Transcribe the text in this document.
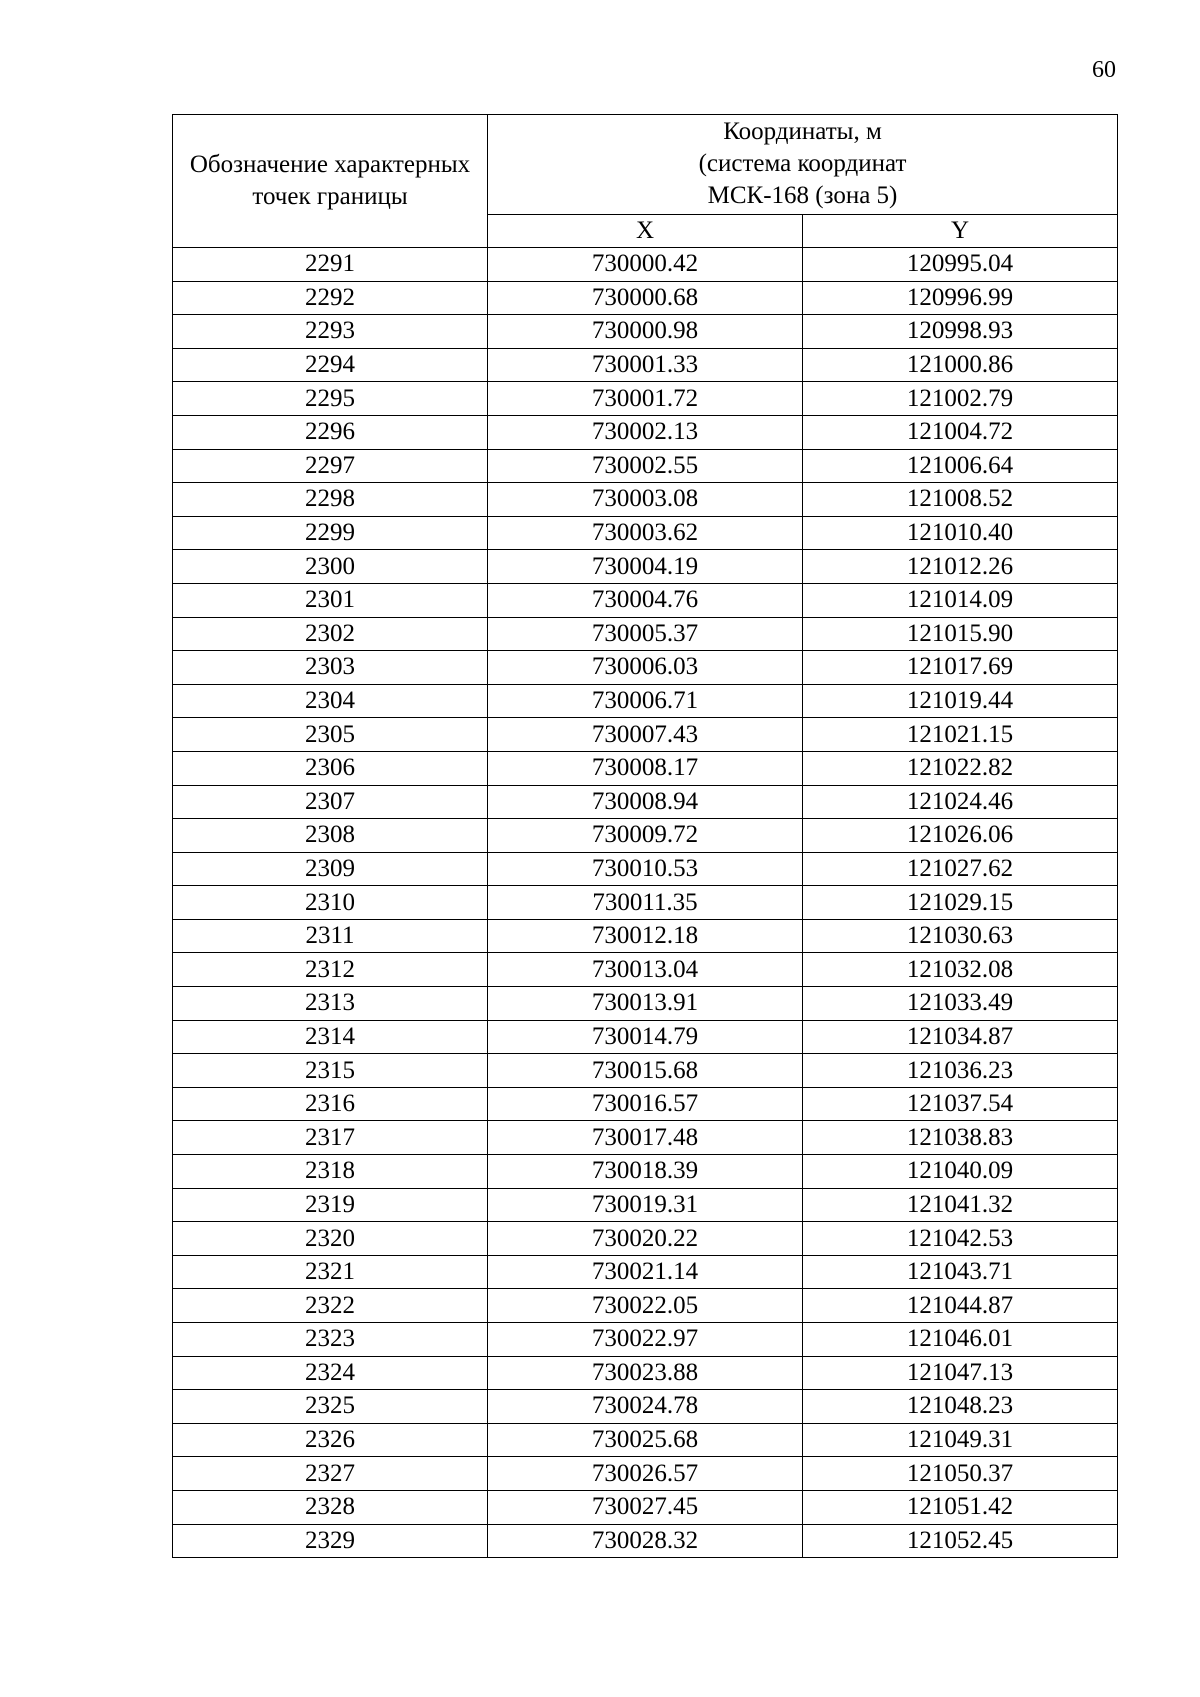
60
Обозначение характерных точек границы	Координаты, м
(система координат
МСК-168 (зона 5)	

	X	Y
2291	730000.42	120995.04
2292	730000.68	120996.99
2293	730000.98	120998.93
2294	730001.33	121000.86
2295	730001.72	121002.79
2296	730002.13	121004.72
2297	730002.55	121006.64
2298	730003.08	121008.52
2299	730003.62	121010.40
2300	730004.19	121012.26
2301	730004.76	121014.09
2302	730005.37	121015.90
2303	730006.03	121017.69
2304	730006.71	121019.44
2305	730007.43	121021.15
2306	730008.17	121022.82
2307	730008.94	121024.46
2308	730009.72	121026.06
2309	730010.53	121027.62
2310	730011.35	121029.15
2311	730012.18	121030.63
2312	730013.04	121032.08
2313	730013.91	121033.49
2314	730014.79	121034.87
2315	730015.68	121036.23
2316	730016.57	121037.54
2317	730017.48	121038.83
2318	730018.39	121040.09
2319	730019.31	121041.32
2320	730020.22	121042.53
2321	730021.14	121043.71
2322	730022.05	121044.87
2323	730022.97	121046.01
2324	730023.88	121047.13
2325	730024.78	121048.23
2326	730025.68	121049.31
2327	730026.57	121050.37
2328	730027.45	121051.42
2329	730028.32	121052.45
